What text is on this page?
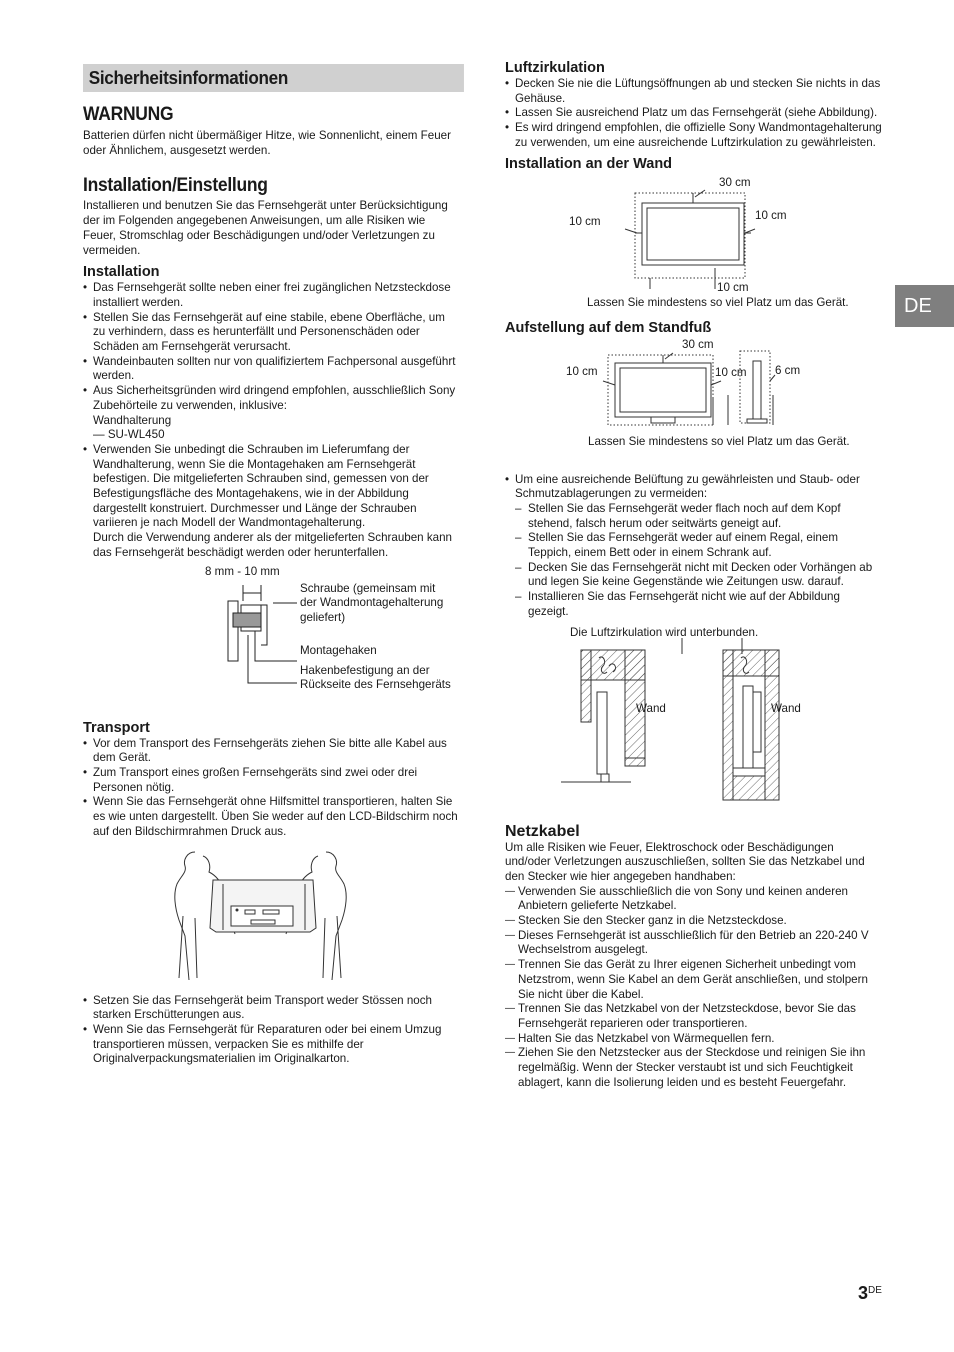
Sicherheitsinformationen
WARNUNG

Batterien dürfen nicht übermäßiger Hitze, wie Sonnenlicht, einem Feuer oder Ähnlichem, ausgesetzt werden.

Installation/Einstellung

Installieren und benutzen Sie das Fernsehgerät unter Berücksichtigung der im Folgenden angegebenen Anweisungen, um alle Risiken wie Feuer, Stromschlag oder Beschädigungen und/oder Verletzungen zu vermeiden.

Installation
• Das Fernsehgerät sollte neben einer frei zugänglichen Netzsteckdose installiert werden.
• Stellen Sie das Fernsehgerät auf eine stabile, ebene Oberfläche, um zu verhindern, dass es herunterfällt und Personenschäden oder Schäden am Fernsehgerät verursacht.
• Wandeinbauten sollten nur von qualifiziertem Fachpersonal ausgeführt werden.
• Aus Sicherheitsgründen wird dringend empfohlen, ausschließlich Sony Zubehörteile zu verwenden, inklusive:
Wandhalterung
— SU-WL450
• Verwenden Sie unbedingt die Schrauben im Lieferumfang der Wandhalterung, wenn Sie die Montagehaken am Fernsehgerät befestigen. Die mitgelieferten Schrauben sind, gemessen von der Befestigungsfläche des Montagehakens, wie in der Abbildung dargestellt konstruiert. Durchmesser und Länge der Schrauben variieren je nach Modell der Wandmontagehalterung.
Durch die Verwendung anderer als der mitgelieferten Schrauben kann das Fernsehgerät beschädigt werden oder herunterfallen.
8 mm - 10 mm
Schraube (gemeinsam mit der Wandmontagehalterung geliefert)
Montagehaken
Hakenbefestigung an der Rückseite des Fernsehgeräts
Transport
• Vor dem Transport des Fernsehgeräts ziehen Sie bitte alle Kabel aus dem Gerät.
• Zum Transport eines großen Fernsehgeräts sind zwei oder drei Personen nötig.
• Wenn Sie das Fernsehgerät ohne Hilfsmittel transportieren, halten Sie es wie unten dargestellt. Üben Sie weder auf den LCD-Bildschirm noch auf den Bildschirmrahmen Druck aus.
• Setzen Sie das Fernsehgerät beim Transport weder Stössen noch starken Erschütterungen aus.
• Wenn Sie das Fernsehgerät für Reparaturen oder bei einem Umzug transportieren müssen, verpacken Sie es mithilfe der Originalverpackungsmaterialien im Originalkarton.
Luftzirkulation
• Decken Sie nie die Lüftungsöffnungen ab und stecken Sie nichts in das Gehäuse.
• Lassen Sie ausreichend Platz um das Fernsehgerät (siehe Abbildung).
• Es wird dringend empfohlen, die offizielle Sony Wandmontagehalterung zu verwenden, um eine ausreichende Luftzirkulation zu gewährleisten.
Installation an der Wand
30 cm
10 cm	10 cm
10 cm
Lassen Sie mindestens so viel Platz um das Gerät.
Aufstellung auf dem Standfuß
30 cm
10 cm	10 cm 6 cm
Lassen Sie mindestens so viel Platz um das Gerät.
• Um eine ausreichende Belüftung zu gewährleisten und Staub- oder Schmutzablagerungen zu vermeiden:
– Stellen Sie das Fernsehgerät weder flach noch auf dem Kopf stehend, falsch herum oder seitwärts geneigt auf.
– Stellen Sie das Fernsehgerät weder auf einem Regal, einem Teppich, einem Bett oder in einem Schrank auf.
– Decken Sie das Fernsehgerät nicht mit Decken oder Vorhängen ab und legen Sie keine Gegenstände wie Zeitungen usw. darauf.
– Installieren Sie das Fernsehgerät nicht wie auf der Abbildung gezeigt.
Die Luftzirkulation wird unterbunden.
Wand	Wand
Netzkabel

Um alle Risiken wie Feuer, Elektroschock oder Beschädigungen und/oder Verletzungen auszuschließen, sollten Sie das Netzkabel und den Stecker wie hier angegeben handhaben:

— Verwenden Sie ausschließlich die von Sony und keinen anderen Anbietern gelieferte Netzkabel.
— Stecken Sie den Stecker ganz in die Netzsteckdose.
— Dieses Fernsehgerät ist ausschließlich für den Betrieb an 220-240 V Wechselstrom ausgelegt.
— Trennen Sie das Gerät zu Ihrer eigenen Sicherheit unbedingt vom Netzstrom, wenn Sie Kabel an dem Gerät anschließen, und stolpern Sie nicht über die Kabel.
— Trennen Sie das Netzkabel von der Netzsteckdose, bevor Sie das Fernsehgerät reparieren oder transportieren.
— Halten Sie das Netzkabel von Wärmequellen fern.
— Ziehen Sie den Netzstecker aus der Steckdose und reinigen Sie ihn regelmäßig. Wenn der Stecker verstaubt ist und sich Feuchtigkeit ablagert, kann die Isolierung leiden und es besteht Feuergefahr.
DE
3DE
